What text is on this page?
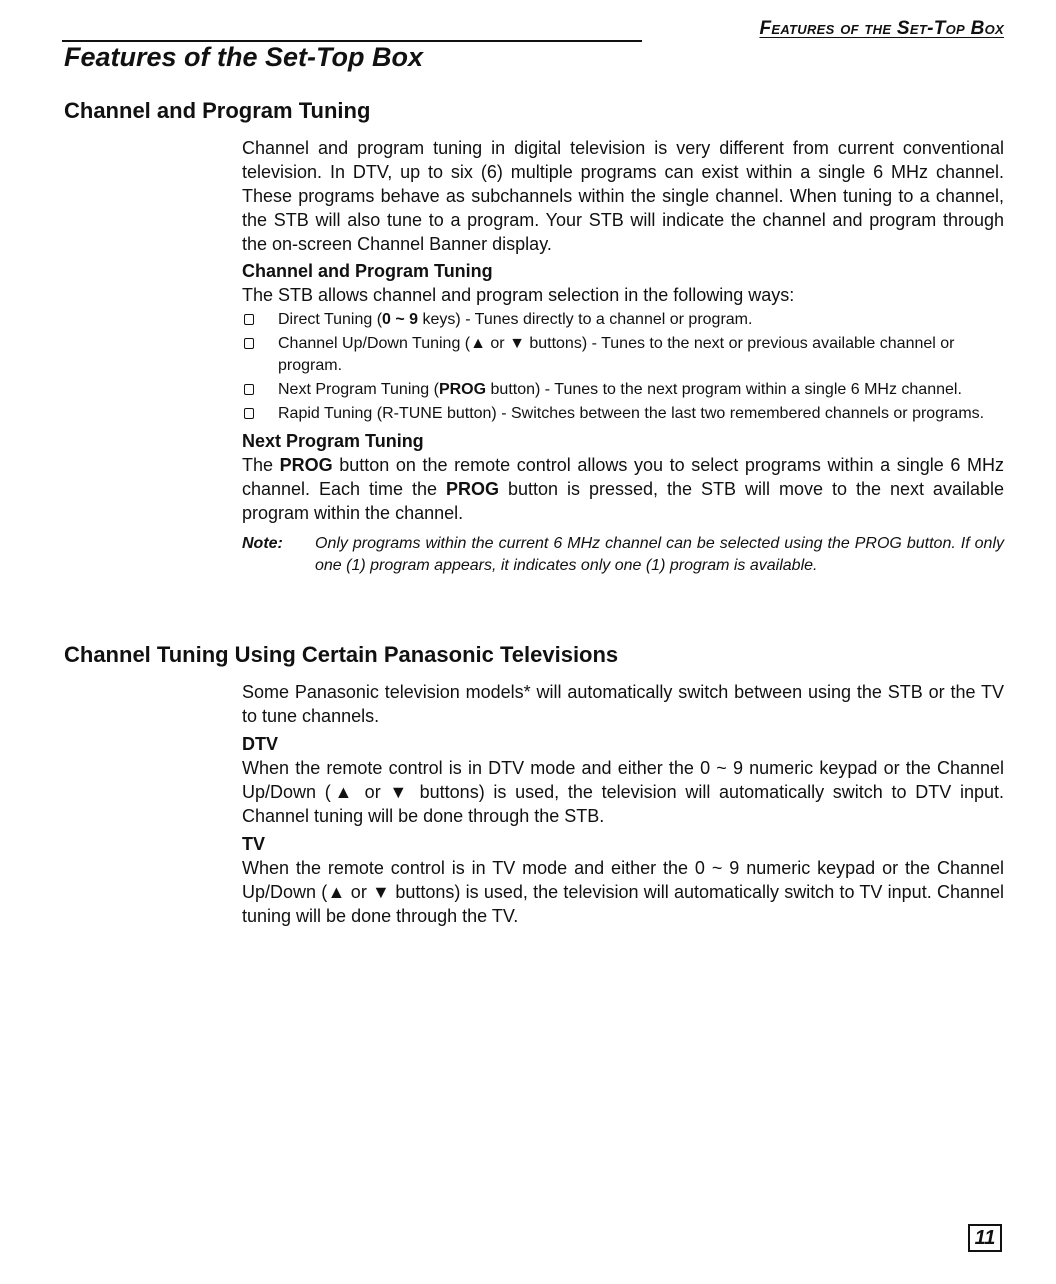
Features of the Set-Top Box
Features of the Set-Top Box
Channel and Program Tuning

Channel and program tuning in digital television is very different from current conventional television. In DTV, up to six (6) multiple programs can exist within a single 6 MHz channel. These programs behave as subchannels within the single channel. When tuning to a channel, the STB will also tune to a program. Your STB will indicate the channel and program through the on-screen Channel Banner display.

Channel and Program Tuning

The STB allows channel and program selection in the following ways:

Direct Tuning (0 ~ 9 keys) - Tunes directly to a channel or program.
Channel Up/Down Tuning (▲ or ▼ buttons) - Tunes to the next or previous available channel or program.
Next Program Tuning (PROG button) - Tunes to the next program within a single 6 MHz channel.
Rapid Tuning (R-TUNE button) - Switches between the last two remembered channels or programs.
Next Program Tuning

The PROG button on the remote control allows you to select programs within a single 6 MHz channel. Each time the PROG button is pressed, the STB will move to the next available program within the channel.

Note: Only programs within the current 6 MHz channel can be selected using the PROG button. If only one (1) program appears, it indicates only one (1) program is available.
Channel Tuning Using Certain Panasonic Televisions

Some Panasonic television models* will automatically switch between using the STB or the TV to tune channels.

DTV

When the remote control is in DTV mode and either the 0 ~ 9 numeric keypad or the Channel Up/Down (▲ or ▼ buttons) is used, the television will automatically switch to DTV input. Channel tuning will be done through the STB.

TV

When the remote control is in TV mode and either the 0 ~ 9 numeric keypad or the Channel Up/Down (▲ or ▼ buttons) is used, the television will automatically switch to TV input. Channel tuning will be done through the TV.

11
